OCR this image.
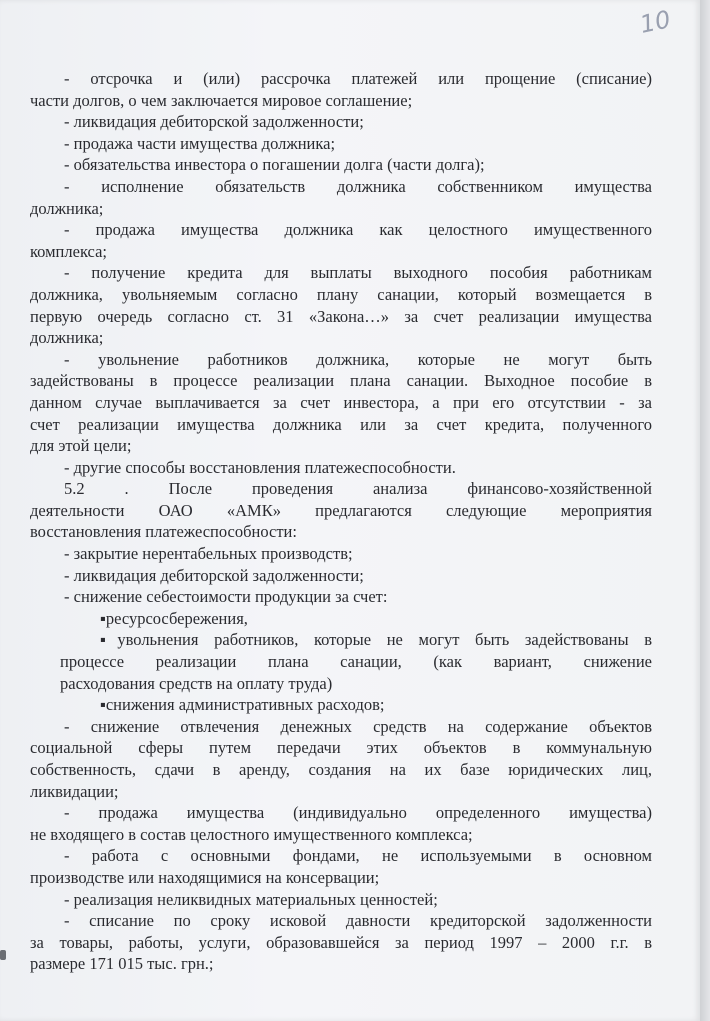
10
- отсрочка и (или) рассрочка платежей или прощение (списание)
части долгов, о чем заключается мировое соглашение;
- ликвидация дебиторской задолженности;
- продажа части имущества должника;
- обязательства инвестора о погашении долга (части долга);
- исполнение обязательств должника собственником имущества
должника;
- продажа имущества должника как целостного имущественного
комплекса;
- получение кредита для выплаты выходного пособия работникам
должника, увольняемым согласно плану санации, который возмещается в
первую очередь согласно ст. 31 «Закона…» за счет реализации имущества
должника;
- увольнение работников должника, которые не могут быть
задействованы в процессе реализации плана санации. Выходное пособие в
данном случае выплачивается за счет инвестора, а при его отсутствии - за
счет реализации имущества должника или за счет кредита, полученного
для этой цели;
- другие способы восстановления платежеспособности.
5.2 . После проведения анализа финансово-хозяйственной
деятельности ОАО «АМК» предлагаются следующие мероприятия
восстановления платежеспособности:
- закрытие нерентабельных производств;
- ликвидация дебиторской задолженности;
- снижение себестоимости продукции за счет:
▪ресурсосбережения,
▪увольнения работников, которые не могут быть задействованы в
процессе реализации плана санации, (как вариант, снижение
расходования средств на оплату труда)
▪снижения административных расходов;
- снижение отвлечения денежных средств на содержание объектов
социальной сферы путем передачи этих объектов в коммунальную
собственность, сдачи в аренду, создания на их базе юридических лиц,
ликвидации;
- продажа имущества (индивидуально определенного имущества)
не входящего в состав целостного имущественного комплекса;
- работа с основными фондами, не используемыми в основном
производстве или находящимися на консервации;
- реализация неликвидных материальных ценностей;
- списание по сроку исковой давности кредиторской задолженности
за товары, работы, услуги, образовавшейся за период 1997 – 2000 г.г. в
размере 171 015 тыс. грн.;
